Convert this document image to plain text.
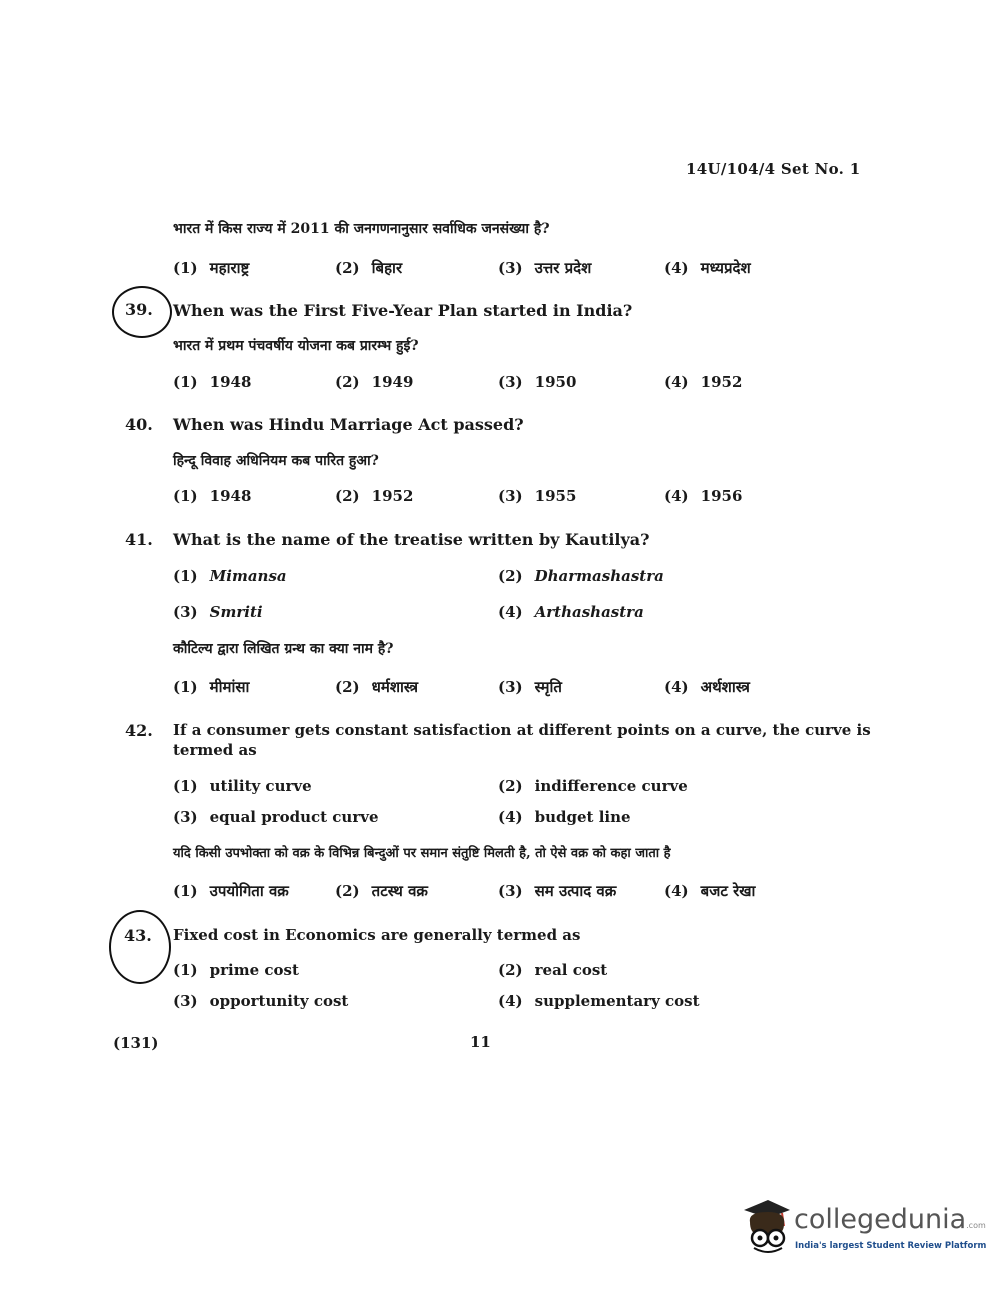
14U/104/4 Set No. 1
भारत में किस राज्य में 2011 की जनगणनानुसार सर्वाधिक जनसंख्या है?
(1) महाराष्ट्र	(2) बिहार	(3) उत्तर प्रदेश	(4) मध्यप्रदेश
39. When was the First Five-Year Plan started in India?
भारत में प्रथम पंचवर्षीय योजना कब प्रारम्भ हुई?
(1) 1948	(2) 1949	(3) 1950	(4) 1952
40. When was Hindu Marriage Act passed?
हिन्दू विवाह अधिनियम कब पारित हुआ?
(1) 1948	(2) 1952	(3) 1955	(4) 1956
41. What is the name of the treatise written by Kautilya?
(1) Mimansa	(2) Dharmashastra
(3) Smriti	(4) Arthashastra
कौटिल्य द्वारा लिखित ग्रन्थ का क्या नाम है?
(1) मीमांसा	(2) धर्मशास्त्र	(3) स्मृति	(4) अर्थशास्त्र
42. If a consumer gets constant satisfaction at different points on a curve, the curve is
termed as
(1) utility curve	(2) indifference curve
(3) equal product curve	(4) budget line
यदि किसी उपभोक्ता को वक्र के विभिन्न बिन्दुओं पर समान संतुष्टि मिलती है, तो ऐसे वक्र को कहा जाता है
(1) उपयोगिता वक्र	(2) तटस्थ वक्र	(3) सम उत्पाद वक्र	(4) बजट रेखा
43. Fixed cost in Economics are generally termed as
(1) prime cost	(2) real cost
(3) opportunity cost	(4) supplementary cost
(131)	11
collegedunia.com
India's largest Student Review Platform
